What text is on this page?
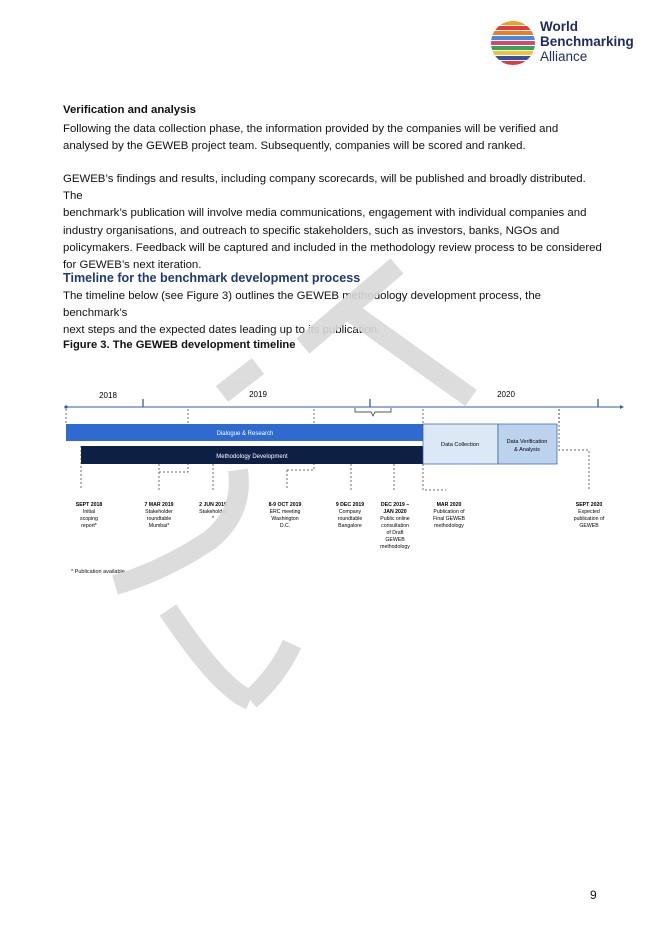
World
Benchmarking
Alliance

Verification and analysis

Following the data collection phase, the information provided by the companies will be verified and
analysed by the GEWEB project team. Subsequently, companies will be scored and ranked.
GEWEB’s findings and results, including company scorecards, will be published and broadly distributed. The
benchmark’s publication will involve media communications, engagement with individual companies and
industry organisations, and outreach to specific stakeholders, such as investors, banks, NGOs and
policymakers. Feedback will be captured and included in the methodology review process to be considered
for GEWEB’s next iteration.

Timeline for the benchmark development process

The timeline below (see Figure 3) outlines the GEWEB methodology development process, the benchmark’s
next steps and the expected dates leading up to its publication.

Figure 3. The GEWEB development timeline

2018	2019	2020
Dialogue & Research
Methodology Development
Data Collection	Data Verification
& Analysis
SEPT 2018
Initial
scoping
report*
7 MAR 2019
Stakeholder
roundtable
Mumbai*
2 JUN 2019
Stakeholder
*
8-9 OCT 2019
ERC meeting
Washington
D.C.
9 DEC 2019
Company
roundtable
Bangalore
DEC 2019 –
JAN 2020
Public online
consultation
of Draft
GEWEB
methodology
MAR 2020
Publication of
Final GEWEB
methodology
SEPT 2020
Expected
publication of
GEWEB

* Publication available.

9
